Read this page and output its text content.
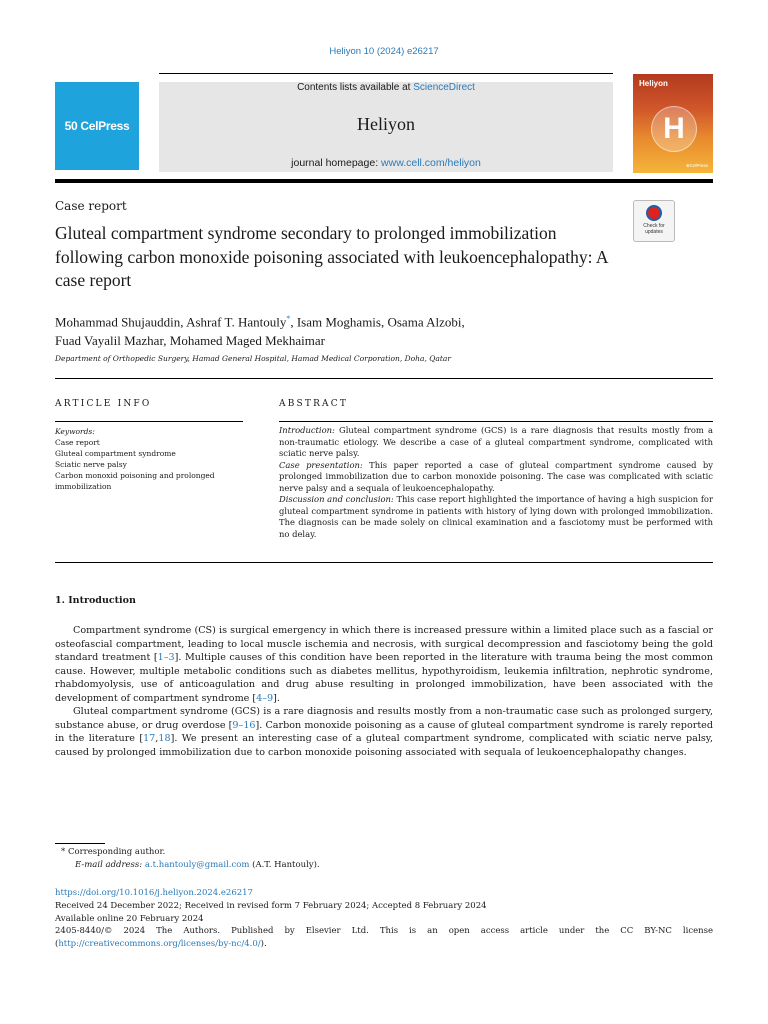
Heliyon 10 (2024) e26217
50 CelPress
Contents lists available at ScienceDirect
Heliyon
journal homepage: www.cell.com/heliyon
Heliyon
H
⊕CelPress
Case report
Gluteal compartment syndrome secondary to prolonged immobilization following carbon monoxide poisoning associated with leukoencephalopathy: A case report
Check for updates
Mohammad Shujauddin, Ashraf T. Hantouly*, Isam Moghamis, Osama Alzobi,
Fuad Vayalil Mazhar, Mohamed Maged Mekhaimar
Department of Orthopedic Surgery, Hamad General Hospital, Hamad Medical Corporation, Doha, Qatar
ARTICLE INFO
Keywords:
Case report
Gluteal compartment syndrome
Sciatic nerve palsy
Carbon monoxid poisoning and prolonged immobilization
ABSTRACT

Introduction: Gluteal compartment syndrome (GCS) is a rare diagnosis that results mostly from a non-traumatic etiology. We describe a case of a gluteal compartment syndrome, complicated with sciatic nerve palsy.

Case presentation: This paper reported a case of gluteal compartment syndrome caused by prolonged immobilization due to carbon monoxide poisoning. The case was complicated with sciatic nerve palsy and a sequala of leukoencephalopathy.

Discussion and conclusion: This case report highlighted the importance of having a high suspicion for gluteal compartment syndrome in patients with history of lying down with prolonged immobilization. The diagnosis can be made solely on clinical examination and a fasciotomy must be performed with no delay.

1. Introduction

Compartment syndrome (CS) is surgical emergency in which there is increased pressure within a limited place such as a fascial or osteofascial compartment, leading to local muscle ischemia and necrosis, with surgical decompression and fasciotomy being the gold standard treatment [1–3]. Multiple causes of this condition have been reported in the literature with trauma being the most common cause. However, multiple metabolic conditions such as diabetes mellitus, hypothyroidism, leukemia infiltration, nephrotic syndrome, rhabdomyolysis, use of anticoagulation and drug abuse resulting in prolonged immobilization, have been associated with the development of compartment syndrome [4–9].

Gluteal compartment syndrome (GCS) is a rare diagnosis and results mostly from a non-traumatic case such as prolonged surgery, substance abuse, or drug overdose [9–16]. Carbon monoxide poisoning as a cause of gluteal compartment syndrome is rarely reported in the literature [17,18]. We present an interesting case of a gluteal compartment syndrome, complicated with sciatic nerve palsy, caused by prolonged immobilization due to carbon monoxide poisoning associated with sequala of leukoencephalopathy changes.

* Corresponding author.
E-mail address: a.t.hantouly@gmail.com (A.T. Hantouly).
https://doi.org/10.1016/j.heliyon.2024.e26217
Received 24 December 2022; Received in revised form 7 February 2024; Accepted 8 February 2024
Available online 20 February 2024
2405-8440/© 2024 The Authors. Published by Elsevier Ltd. This is an open access article under the CC BY-NC license
(http://creativecommons.org/licenses/by-nc/4.0/).
